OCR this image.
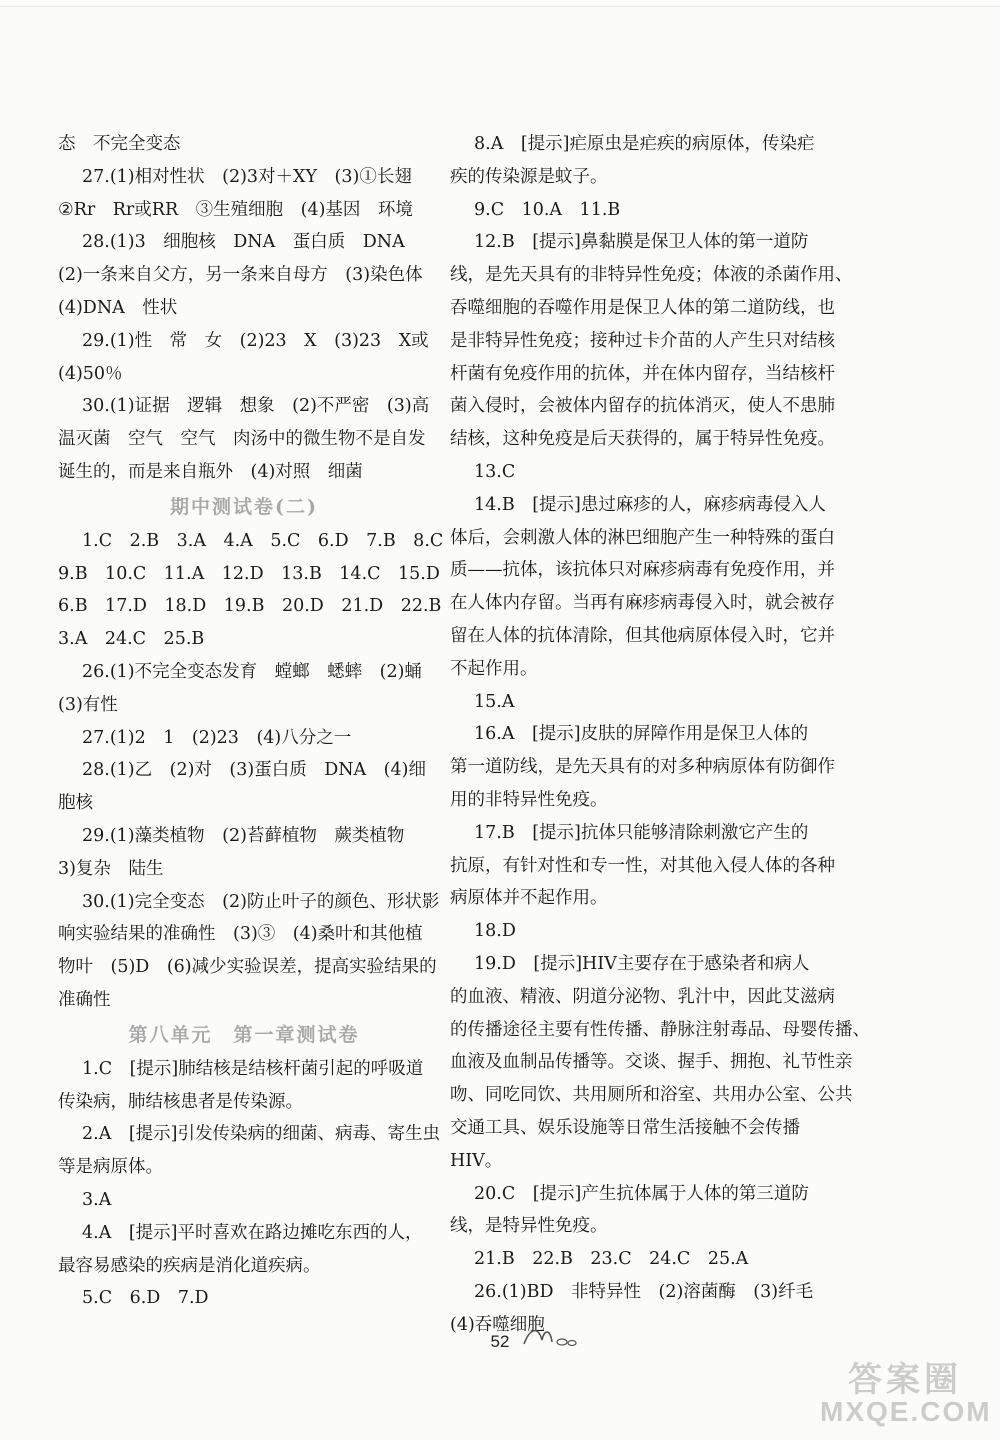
态　不完全变态
27.(1)相对性状　(2)3对＋XY　(3)①长翅
②Rr　Rr或RR　③生殖细胞　(4)基因　环境
28.(1)3　细胞核　DNA　蛋白质　DNA
(2)一条来自父方，另一条来自母方　(3)染色体
(4)DNA　性状
29.(1)性　常　女　(2)23　X　(3)23　X或
(4)50％
30.(1)证据　逻辑　想象　(2)不严密　(3)高
温灭菌　空气　空气　肉汤中的微生物不是自发
诞生的，而是来自瓶外　(4)对照　细菌
期中测试卷(二)
1.C　2.B　3.A　4.A　5.C　6.D　7.B　8.C
9.B　10.C　11.A　12.D　13.B　14.C　15.D
6.B　17.D　18.D　19.B　20.D　21.D　22.B
3.A　24.C　25.B
26.(1)不完全变态发育　螳螂　蟋蟀　(2)蛹
(3)有性
27.(1)2　1　(2)23　(4)八分之一
28.(1)乙　(2)对　(3)蛋白质　DNA　(4)细
胞核
29.(1)藻类植物　(2)苔藓植物　蕨类植物
3)复杂　陆生
30.(1)完全变态　(2)防止叶子的颜色、形状影
响实验结果的准确性　(3)③　(4)桑叶和其他植
物叶　(5)D　(6)减少实验误差，提高实验结果的
准确性
第八单元　第一章测试卷
1.C　[提示]肺结核是结核杆菌引起的呼吸道
传染病，肺结核患者是传染源。
2.A　[提示]引发传染病的细菌、病毒、寄生虫
等是病原体。
3.A
4.A　[提示]平时喜欢在路边摊吃东西的人，
最容易感染的疾病是消化道疾病。
5.C　6.D　7.D
8.A　[提示]疟原虫是疟疾的病原体，传染疟
疾的传染源是蚊子。
9.C　10.A　11.B
12.B　[提示]鼻黏膜是保卫人体的第一道防
线，是先天具有的非特异性免疫；体液的杀菌作用、
吞噬细胞的吞噬作用是保卫人体的第二道防线，也
是非特异性免疫；接种过卡介苗的人产生只对结核
杆菌有免疫作用的抗体，并在体内留存，当结核杆
菌入侵时，会被体内留存的抗体消灭，使人不患肺
结核，这种免疫是后天获得的，属于特异性免疫。
13.C
14.B　[提示]患过麻疹的人，麻疹病毒侵入人
体后，会刺激人体的淋巴细胞产生一种特殊的蛋白
质——抗体，该抗体只对麻疹病毒有免疫作用，并
在人体内存留。当再有麻疹病毒侵入时，就会被存
留在人体的抗体清除，但其他病原体侵入时，它并
不起作用。
15.A
16.A　[提示]皮肤的屏障作用是保卫人体的
第一道防线，是先天具有的对多种病原体有防御作
用的非特异性免疫。
17.B　[提示]抗体只能够清除刺激它产生的
抗原，有针对性和专一性，对其他入侵人体的各种
病原体并不起作用。
18.D
19.D　[提示]HIV主要存在于感染者和病人
的血液、精液、阴道分泌物、乳汁中，因此艾滋病
的传播途径主要有性传播、静脉注射毒品、母婴传播、
血液及血制品传播等。交谈、握手、拥抱、礼节性亲
吻、同吃同饮、共用厕所和浴室、共用办公室、公共
交通工具、娱乐设施等日常生活接触不会传播
HIV。
20.C　[提示]产生抗体属于人体的第三道防
线，是特异性免疫。
21.B　22.B　23.C　24.C　25.A
26.(1)BD　非特异性　(2)溶菌酶　(3)纤毛
(4)吞噬细胞
52
答案圈
MXQE.COM
